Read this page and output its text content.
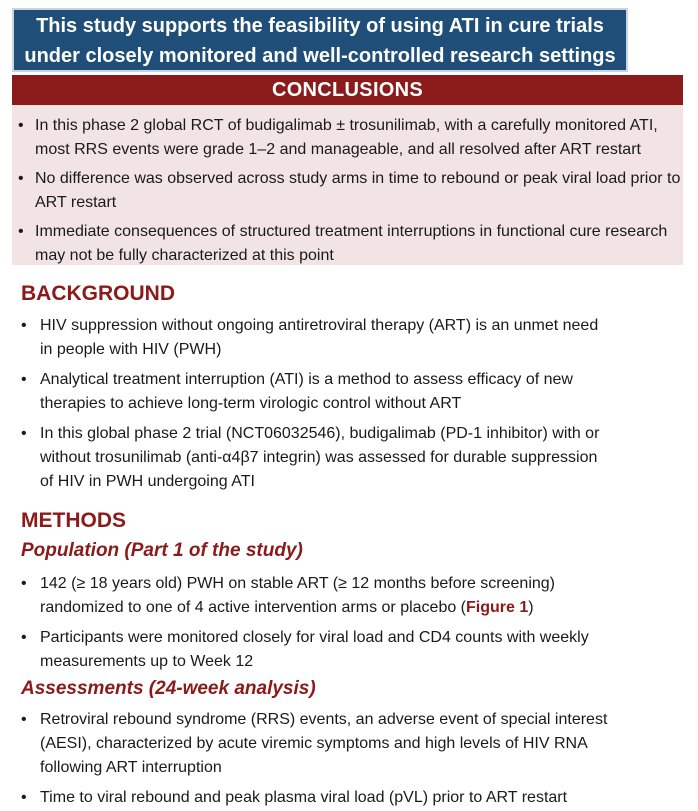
This study supports the feasibility of using ATI in cure trials
under closely monitored and well-controlled research settings
CONCLUSIONS
• In this phase 2 global RCT of budigalimab ± trosunilimab, with a carefully monitored ATI, most RRS events were grade 1–2 and manageable, and all resolved after ART restart
• No difference was observed across study arms in time to rebound or peak viral load prior to ART restart
• Immediate consequences of structured treatment interruptions in functional cure research may not be fully characterized at this point
BACKGROUND
• HIV suppression without ongoing antiretroviral therapy (ART) is an unmet need in people with HIV (PWH)
• Analytical treatment interruption (ATI) is a method to assess efficacy of new therapies to achieve long-term virologic control without ART
• In this global phase 2 trial (NCT06032546), budigalimab (PD-1 inhibitor) with or without trosunilimab (anti-α4β7 integrin) was assessed for durable suppression of HIV in PWH undergoing ATI
METHODS
Population (Part 1 of the study)
• 142 (≥ 18 years old) PWH on stable ART (≥ 12 months before screening) randomized to one of 4 active intervention arms or placebo (Figure 1)
• Participants were monitored closely for viral load and CD4 counts with weekly measurements up to Week 12
Assessments (24-week analysis)
• Retroviral rebound syndrome (RRS) events, an adverse event of special interest (AESI), characterized by acute viremic symptoms and high levels of HIV RNA following ART interruption
• Time to viral rebound and peak plasma viral load (pVL) prior to ART restart
